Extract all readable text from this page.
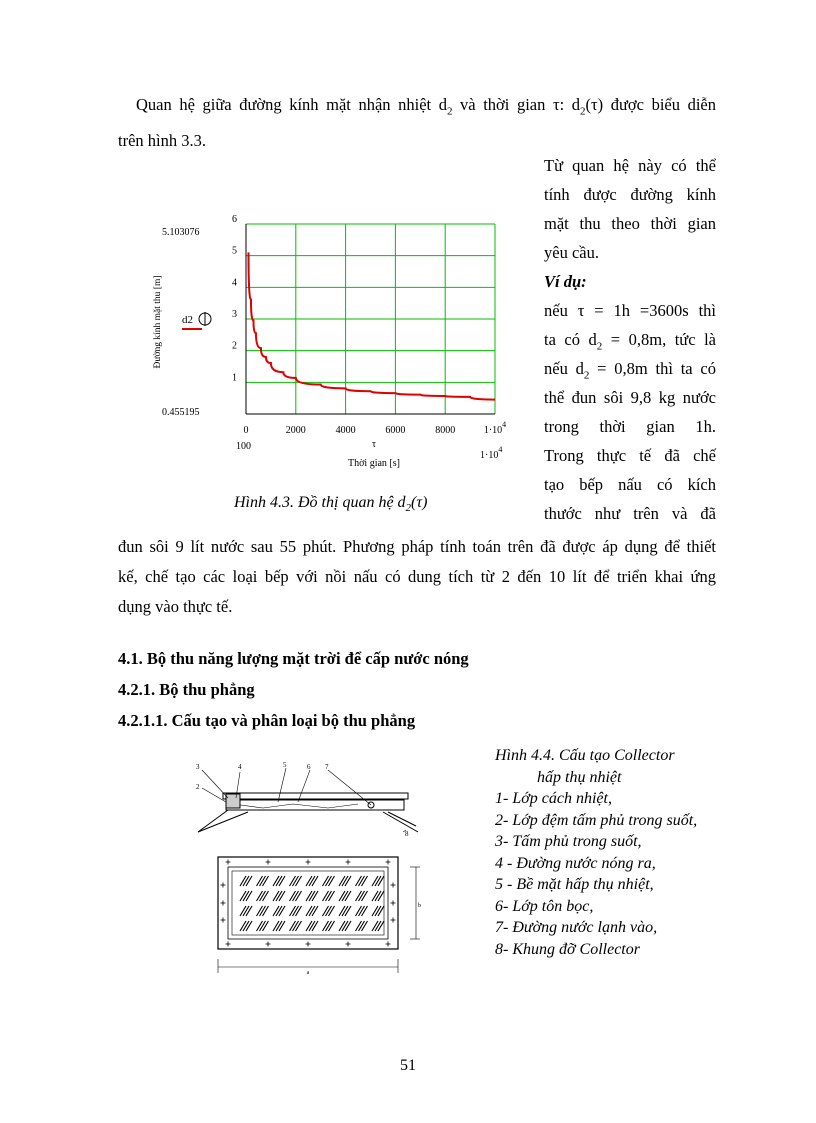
Quan hệ giữa đường kính mặt nhận nhiệt $d_2$ và thời gian τ: $d_2(\tau)$ được biểu diễn
trên hình 3.3.
Từ quan hệ này có thể
tính được đường kính
mặt thu theo thời gian
yêu cầu.
Ví dụ:
nếu τ = 1h =3600s thì
ta có $d_2 = 0,8m$, tức là
nếu $d_2 = 0,8m$ thì ta có
thể đun sôi 9,8 kg nước
trong thời gian 1h.
Trong thực tế đã chế
tạo bếp nấu có kích
thước như trên và đã
1
2
3
4
5
6
0	2000	4000	6000	8000	$1\cdot 10^4$
5.103076
0.455195
100
$1\cdot 10^4$
τ
Thời gian [s]
Đường kính mặt thu [m] d2
Hình 4.3. Đồ thị quan hệ $d_2(\tau)$
đun sôi 9 lít nước sau 55 phút. Phương pháp tính toán trên đã được áp dụng để thiết
kế, chế tạo các loại bếp với nồi nấu có dung tích từ 2 đến 10 lít để triển khai ứng
dụng vào thực tế.
4.1. Bộ thu năng lượng mặt trời để cấp nước nóng
4.2.1. Bộ thu phẳng
4.2.1.1. Cấu tạo và phân loại bộ thu phẳng
3	4	5	6 7
2
8
a
b
Hình 4.4. Cấu tạo Collector
hấp thụ nhiệt
1- Lớp cách nhiệt,
2- Lớp đệm tấm phủ trong suốt,
3- Tấm phủ trong suốt,
4 - Đường nước nóng ra,
5 - Bề mặt hấp thụ nhiệt,
6- Lớp tôn bọc,
7- Đường nước lạnh vào,
8- Khung đỡ Collector
51
